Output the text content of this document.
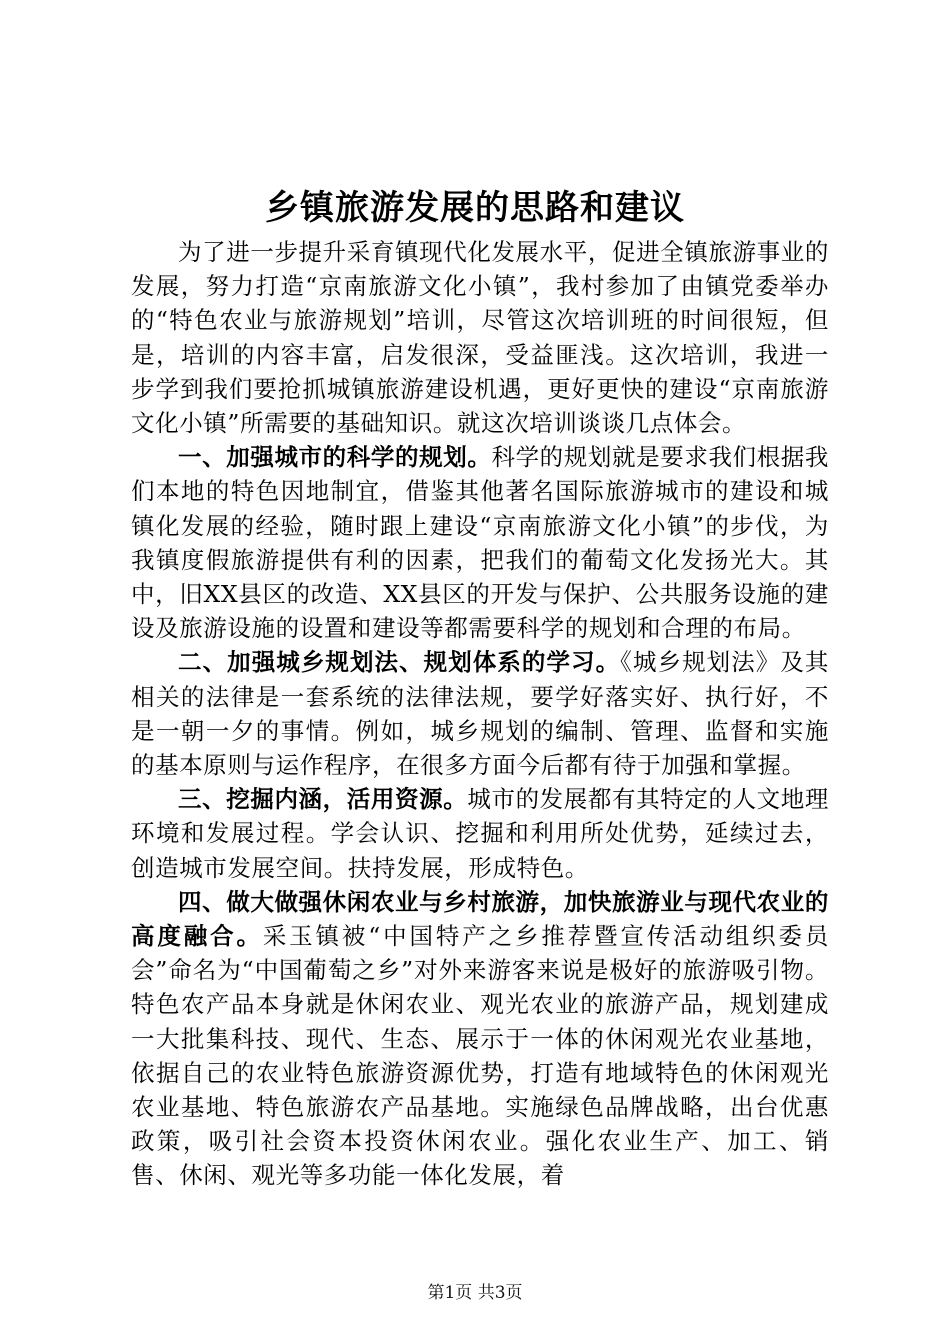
乡镇旅游发展的思路和建议

为了进一步提升采育镇现代化发展水平，促进全镇旅游事业的发展，努力打造“京南旅游文化小镇”，我村参加了由镇党委举办的“特色农业与旅游规划”培训，尽管这次培训班的时间很短，但是，培训的内容丰富，启发很深，受益匪浅。这次培训，我进一步学到我们要抢抓城镇旅游建设机遇，更好更快的建设“京南旅游文化小镇”所需要的基础知识。就这次培训谈谈几点体会。

一、加强城市的科学的规划。科学的规划就是要求我们根据我们本地的特色因地制宜，借鉴其他著名国际旅游城市的建设和城镇化发展的经验，随时跟上建设“京南旅游文化小镇”的步伐，为我镇度假旅游提供有利的因素，把我们的葡萄文化发扬光大。其中，旧XX县区的改造、XX县区的开发与保护、公共服务设施的建设及旅游设施的设置和建设等都需要科学的规划和合理的布局。

二、加强城乡规划法、规划体系的学习。《城乡规划法》及其相关的法律是一套系统的法律法规，要学好落实好、执行好，不是一朝一夕的事情。例如，城乡规划的编制、管理、监督和实施的基本原则与运作程序，在很多方面今后都有待于加强和掌握。

三、挖掘内涵，活用资源。城市的发展都有其特定的人文地理环境和发展过程。学会认识、挖掘和利用所处优势，延续过去，创造城市发展空间。扶持发展，形成特色。

四、做大做强休闲农业与乡村旅游，加快旅游业与现代农业的高度融合。采玉镇被“中国特产之乡推荐暨宣传活动组织委员会”命名为“中国葡萄之乡”对外来游客来说是极好的旅游吸引物。特色农产品本身就是休闲农业、观光农业的旅游产品，规划建成一大批集科技、现代、生态、展示于一体的休闲观光农业基地，依据自己的农业特色旅游资源优势，打造有地域特色的休闲观光农业基地、特色旅游农产品基地。实施绿色品牌战略，出台优惠政策，吸引社会资本投资休闲农业。强化农业生产、加工、销售、休闲、观光等多功能一体化发展，着

第1页 共3页
